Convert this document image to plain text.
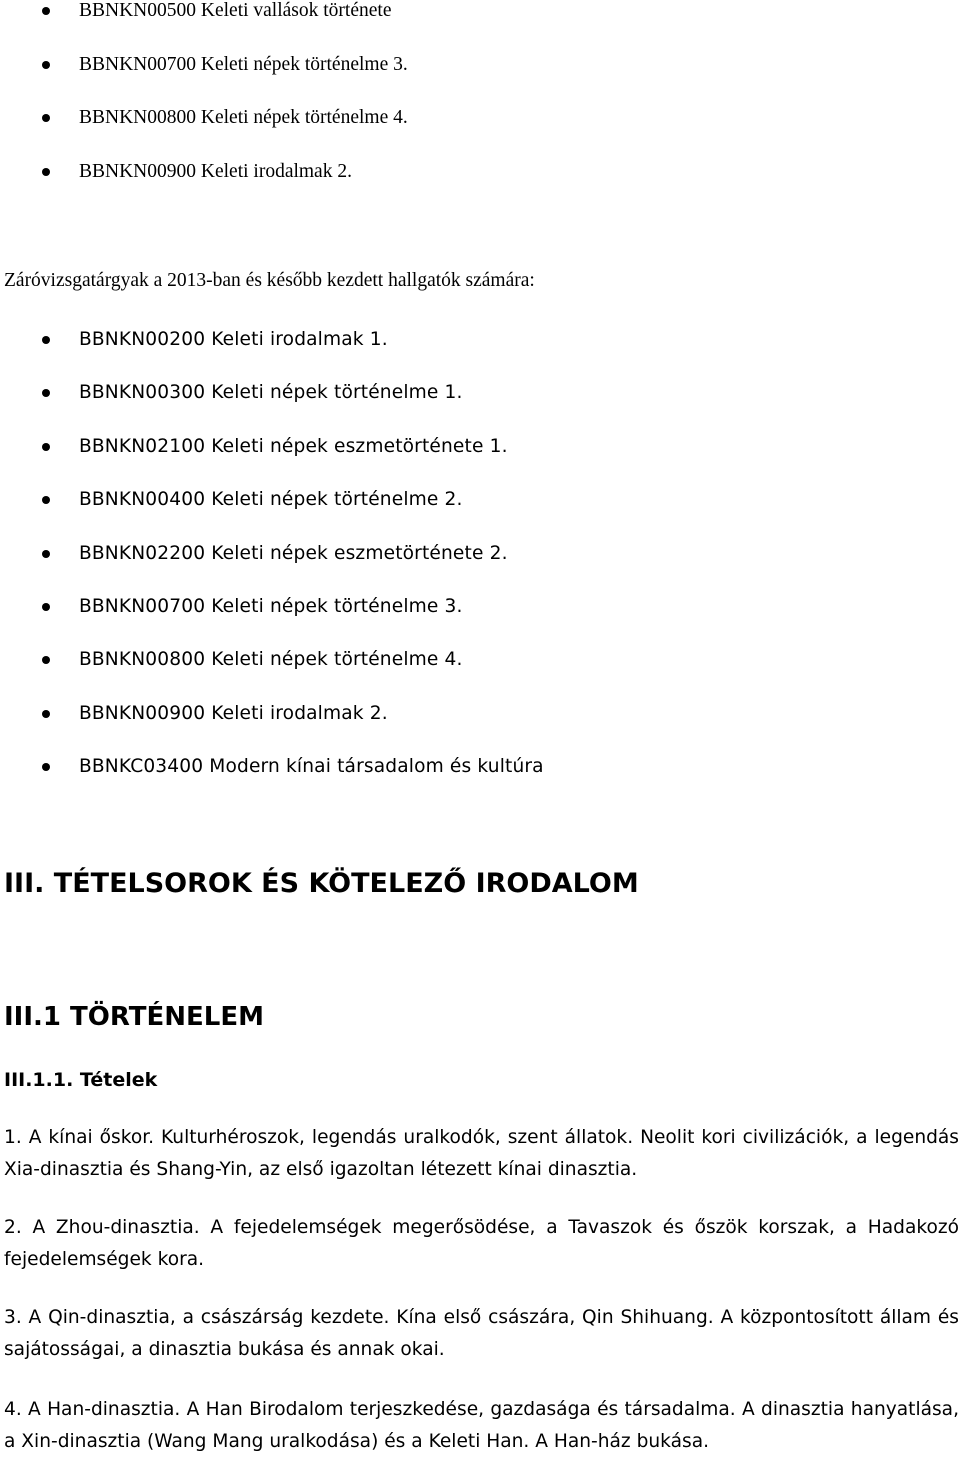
BBNKN00500 Keleti vallások története
BBNKN00700 Keleti népek történelme 3.
BBNKN00800 Keleti népek történelme 4.
BBNKN00900 Keleti irodalmak 2.
Záróvizsgatárgyak a 2013-ban és később kezdett hallgatók számára:
BBNKN00200 Keleti irodalmak 1.
BBNKN00300 Keleti népek történelme 1.
BBNKN02100 Keleti népek eszmetörténete 1.
BBNKN00400 Keleti népek történelme 2.
BBNKN02200 Keleti népek eszmetörténete 2.
BBNKN00700 Keleti népek történelme 3.
BBNKN00800 Keleti népek történelme 4.
BBNKN00900 Keleti irodalmak 2.
BBNKC03400 Modern kínai társadalom és kultúra
III. TÉTELSOROK ÉS KÖTELEZŐ IRODALOM
III.1 TÖRTÉNELEM
III.1.1. Tételek

1. A kínai őskor. Kulturhéroszok, legendás uralkodók, szent állatok. Neolit kori civilizációk, a legendás Xia-dinasztia és Shang-Yin, az első igazoltan létezett kínai dinasztia.

2. A Zhou-dinasztia. A fejedelemségek megerősödése, a Tavaszok és őszök korszak, a Hadakozó fejedelemségek kora.

3. A Qin-dinasztia, a császárság kezdete. Kína első császára, Qin Shihuang. A központosított állam és sajátosságai, a dinasztia bukása és annak okai.

4. A Han-dinasztia. A Han Birodalom terjeszkedése, gazdasága és társadalma. A dinasztia hanyatlása, a Xin-dinasztia (Wang Mang uralkodása) és a Keleti Han. A Han-ház bukása.
